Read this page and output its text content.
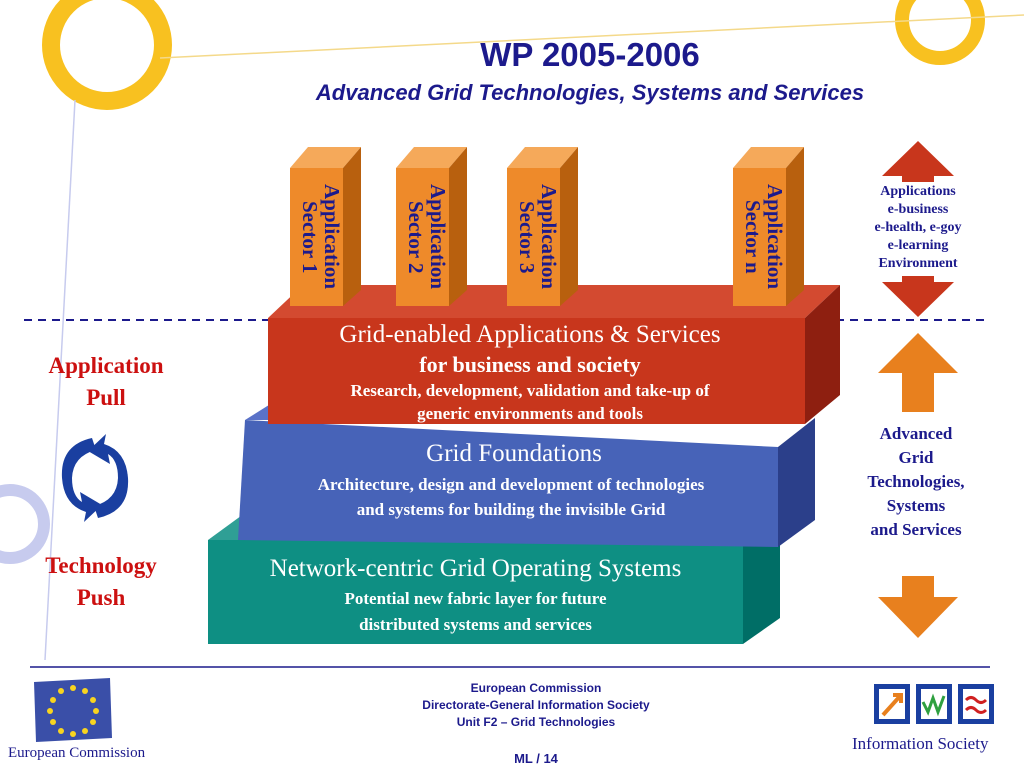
WP 2005-2006
Advanced Grid Technologies, Systems and Services
Application
Sector 1	Application
Sector 2	Application
Sector 3	Application
Sector n
Grid-enabled Applications & Services
for business and society
Research, development, validation and take-up of
generic environments and tools
Grid Foundations
Architecture, design and development of technologies
and systems for building the invisible Grid
Network-centric Grid Operating Systems
Potential new fabric layer for future
distributed systems and services
Application
Pull
Technology
Push
Applications
e-business
e-health, e-goy
e-learning
Environment
Advanced
Grid
Technologies,
Systems
and Services
European Commission
European Commission
Directorate-General Information Society
Unit F2 – Grid Technologies
ML / 14
Information Society
